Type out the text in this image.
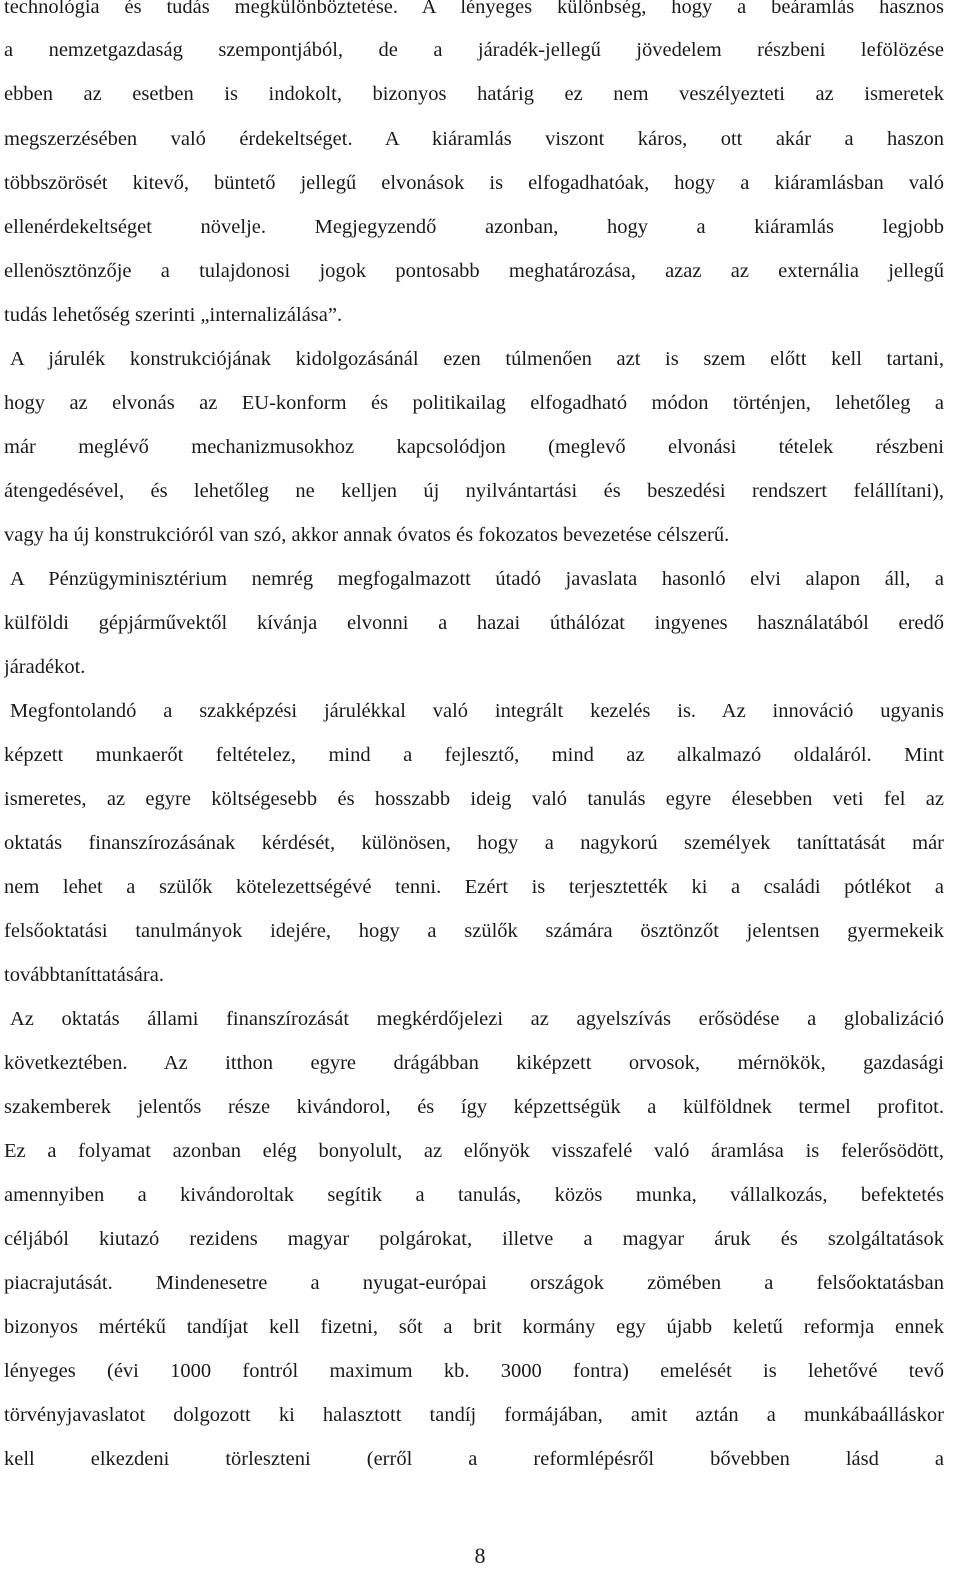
technológia és tudás megkülönböztetése. A lényeges különbség, hogy a beáramlás hasznos
a nemzetgazdaság szempontjából, de a járadék-jellegű jövedelem részbeni lefölözése
ebben az esetben is indokolt, bizonyos határig ez nem veszélyezteti az ismeretek
megszerzésében való érdekeltséget. A kiáramlás viszont káros, ott akár a haszon
többszörösét kitevő, büntető jellegű elvonások is elfogadhatóak, hogy a kiáramlásban való
ellenérdekeltséget növelje. Megjegyzendő azonban, hogy a kiáramlás legjobb
ellenösztönzője a tulajdonosi jogok pontosabb meghatározása, azaz az externália jellegű
tudás lehetőség szerinti „internalizálása”.
A járulék konstrukciójának kidolgozásánál ezen túlmenően azt is szem előtt kell tartani,
hogy az elvonás az EU-konform és politikailag elfogadható módon történjen, lehetőleg a
már meglévő mechanizmusokhoz kapcsolódjon (meglevő elvonási tételek részbeni
átengedésével, és lehetőleg ne kelljen új nyilvántartási és beszedési rendszert felállítani),
vagy ha új konstrukcióról van szó, akkor annak óvatos és fokozatos bevezetése célszerű.
A Pénzügyminisztérium nemrég megfogalmazott útadó javaslata hasonló elvi alapon áll, a
külföldi gépjárművektől kívánja elvonni a hazai úthálózat ingyenes használatából eredő
járadékot.
Megfontolandó a szakképzési járulékkal való integrált kezelés is. Az innováció ugyanis
képzett munkaerőt feltételez, mind a fejlesztő, mind az alkalmazó oldaláról. Mint
ismeretes, az egyre költségesebb és hosszabb ideig való tanulás egyre élesebben veti fel az
oktatás finanszírozásának kérdését, különösen, hogy a nagykorú személyek taníttatását már
nem lehet a szülők kötelezettségévé tenni. Ezért is terjesztették ki a családi pótlékot a
felsőoktatási tanulmányok idejére, hogy a szülők számára ösztönzőt jelentsen gyermekeik
továbbtaníttatására.
Az oktatás állami finanszírozását megkérdőjelezi az agyelszívás erősödése a globalizáció
következtében. Az itthon egyre drágábban kiképzett orvosok, mérnökök, gazdasági
szakemberek jelentős része kivándorol, és így képzettségük a külföldnek termel profitot.
Ez a folyamat azonban elég bonyolult, az előnyök visszafelé való áramlása is felerősödött,
amennyiben a kivándoroltak segítik a tanulás, közös munka, vállalkozás, befektetés
céljából kiutazó rezidens magyar polgárokat, illetve a magyar áruk és szolgáltatások
piacrajutását. Mindenesetre a nyugat-európai országok zömében a felsőoktatásban
bizonyos mértékű tandíjat kell fizetni, sőt a brit kormány egy újabb keletű reformja ennek
lényeges (évi 1000 fontról maximum kb. 3000 fontra) emelését is lehetővé tevő
törvényjavaslatot dolgozott ki halasztott tandíj formájában, amit aztán a munkábaálláskor
kell elkezdeni törleszteni (erről a reformlépésről bővebben lásd a
8
